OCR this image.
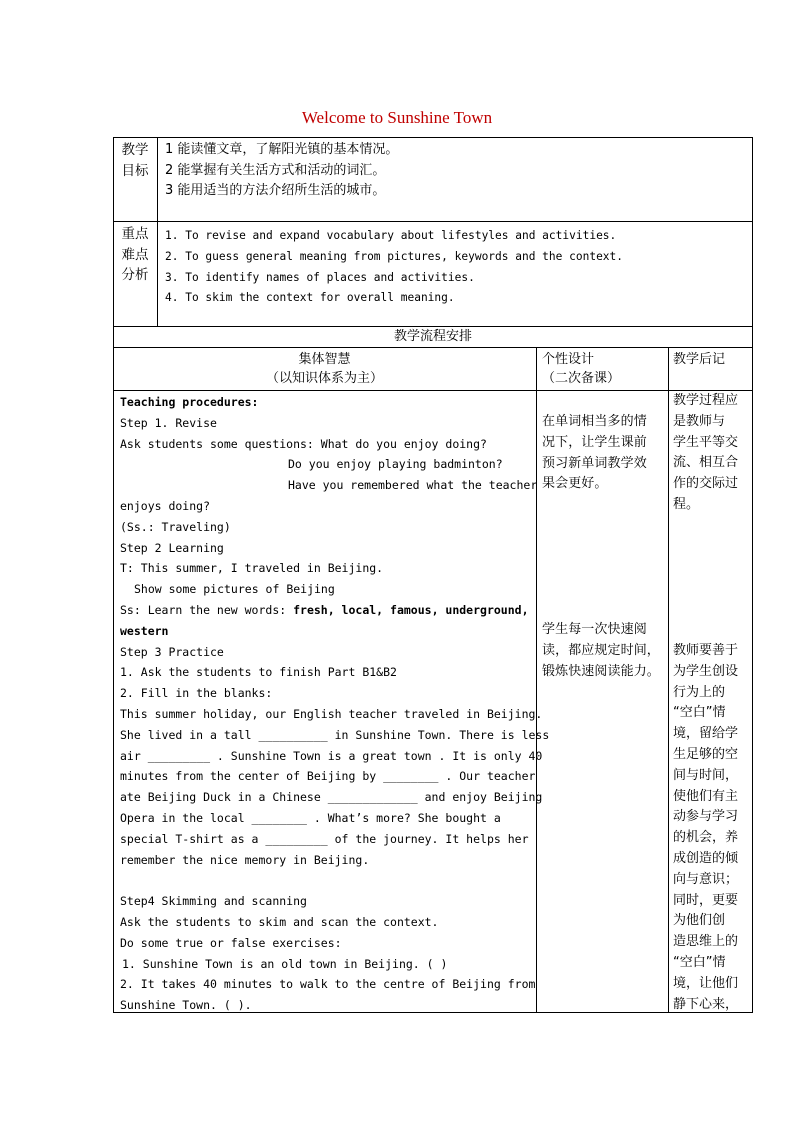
Welcome to Sunshine Town
教学
目标
1 能读懂文章，了解阳光镇的基本情况。
2 能掌握有关生活方式和活动的词汇。
3 能用适当的方法介绍所生活的城市。
重点
难点
分析
1. To revise and expand vocabulary about lifestyles and activities.
2. To guess general meaning from pictures, keywords and the context.
3. To identify names of places and activities.
4. To skim the context for overall meaning.
教学流程安排
集体智慧
（以知识体系为主）
个性设计
（二次备课）
教学后记
Teaching procedures:
Step 1. Revise
Ask students some questions: What do you enjoy doing?
Do you enjoy playing badminton?
Have you remembered what the teacher
enjoys doing?
(Ss.: Traveling)
Step 2 Learning
T: This summer, I traveled in Beijing.
Show some pictures of Beijing
Ss: Learn the new words: fresh, local, famous, underground,
western
Step 3 Practice
1. Ask the students to finish Part B1&B2
2. Fill in the blanks:
This summer holiday, our English teacher traveled in Beijing.
She lived in a tall __________ in Sunshine Town. There is less
air _________ . Sunshine Town is a great town . It is only 40
minutes from the center of Beijing by ________ . Our teacher
ate Beijing Duck in a Chinese _____________ and enjoy Beijing
Opera in the local ________ . What’s more? She bought a
special T-shirt as a _________ of the journey. It helps her
remember the nice memory in Beijing.
Step4 Skimming and scanning
Ask the students to skim and scan the context.
Do some true or false exercises:
1. Sunshine Town is an old town in Beijing. ( )
2. It takes 40 minutes to walk to the centre of Beijing from
Sunshine Town. ( ).
在单词相当多的情
况下，让学生课前
预习新单词教学效
果会更好。
学生每一次快速阅
读，都应规定时间，
锻炼快速阅读能力。
教学过程应
是教师与
学生平等交
流、相互合
作的交际过
程。
教师要善于
为学生创设
行为上的
“空白”情
境，留给学
生足够的空
间与时间，
使他们有主
动参与学习
的机会，养
成创造的倾
向与意识；
同时，更要
为他们创
造思维上的
“空白”情
境，让他们
静下心来，
